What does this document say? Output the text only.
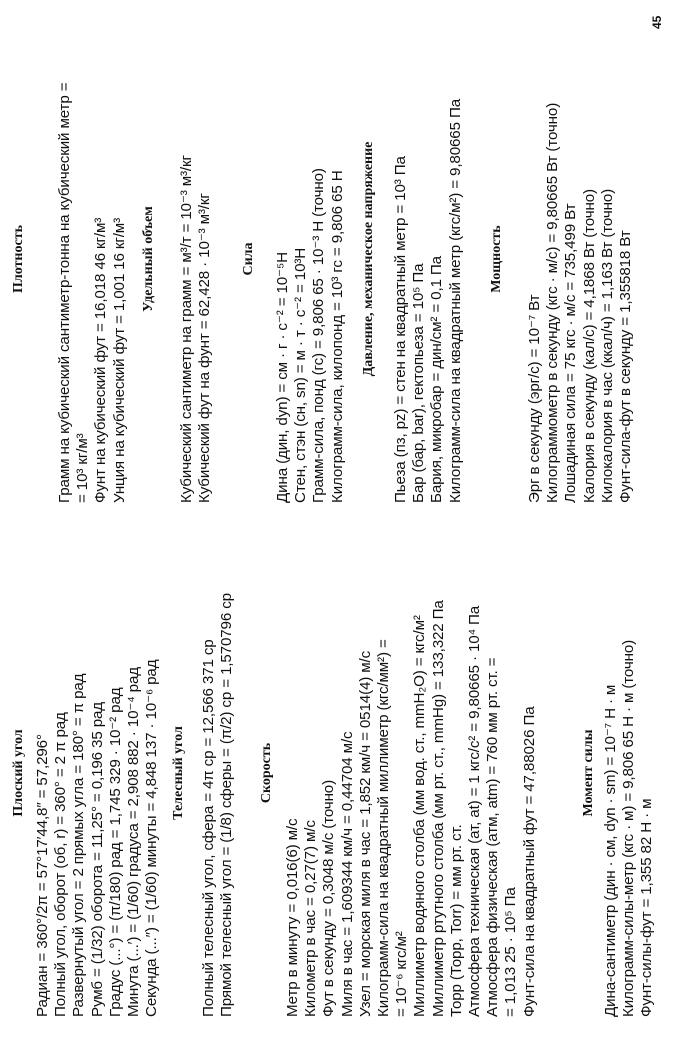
Плоский угол Радиан = 360°/2π = 57°17′44,8″ = 57,296° Полный угол, оборот (об, r) = 360° = 2 π рад Развернутый угол = 2 прямых угла = 180° = π рад Румб = (1/32) оборота = 11,25° = 0,196 35 рад Градус (...°) = (π/180) рад = 1,745 329 · 10⁻² рад Минута (...′) = (1/60) градуса = 2,908 882 · 10⁻⁴ рад Секунда (...″) = (1/60) минуты = 4,848 137 · 10⁻⁶ рад Телесный угол Полный телесный угол, сфера = 4π ср = 12,566 371 ср Прямой телесный угол = (1/8) сферы = (π/2) ср = 1,570796 ср Скорость

Метр в минуту = 0,016(6) м/с Километр в час = 0,27(7) м/с Фут в секунду = 0,3048 м/с (точно) Миля в час = 1,609344 км/ч = 0,44704 м/с Узел = морская миля в час = 1,852 км/ч = 0514(4) м/с Килограмм-сила на квадратный миллиметр (кгс/мм²) = = 10⁻⁶ кгс/м² Миллиметр водяного столба (мм вод. ст., mmH₂O) = кгс/м² Миллиметр ртутного столба (мм рт. ст., mmHg) = 133,322 Па Торр (Торр, Torr) = мм рт. ст. Атмосфера техническая (ат, at) = 1 кгс/с² = 9,80665 · 10⁴ Па Атмосфера физическая (атм, atm) = 760 мм рт. ст. = = 1,013 25 · 10⁵ Па Фунт-сила на квадратный фут = 47,88026 Па	Момент силы Дина-сантиметр (дин · см, dyn · sm) = 10⁻⁷ Н · м Килограмм-силы-метр (кгс · м) = 9,806 65 Н · м (точно) Фунт-силы-фут = 1,355 82 Н · м

Плотность Грамм на кубический сантиметр-тонна на кубический метр = = 10³ кг/м³ Фунт на кубический фут = 16,018 46 кг/м³ Унция на кубический фут = 1,001 16 кг/м³ Удельный объем Кубический сантиметр на грамм = м³/т = 10⁻³ м³/кг Кубический фут на фунт = 62,428 · 10⁻³ м³/кг Сила Дина (дин, dyn) = см · г · с⁻² = 10⁻⁵Н Стен, стэн (сн, sn) = м · т · с⁻² = 10³Н Грамм-сила, понд (гс) = 9,806 65 · 10⁻³ Н (точно) Килограмм-сила, килопонд = 10³ гс = 9,806 65 Н Давление, механическое напряжение Пьеза (пз, pz) = стен на квадратный метр = 10³ Па Бар (бар, bar), гектопьеза = 10⁵ Па Бария, микробар = дин/см² = 0,1 Па Килограмм-сила на квадратный метр (кгс/м²) = 9,80665 Па Мощность

Эрг в секунду (эрг/с) = 10⁻⁷ Вт Килограммометр в секунду (кгс · м/с) = 9,80665 Вт (точно) Лошадиная сила = 75 кгс · м/с = 735,499 Вт Калория в секунду (кал/с) = 4,1868 Вт (точно) Килокалория в час (ккал/ч) = 1,163 Вт (точно) Фунт-сила-фут в секунду = 1,355818 Вт

45
